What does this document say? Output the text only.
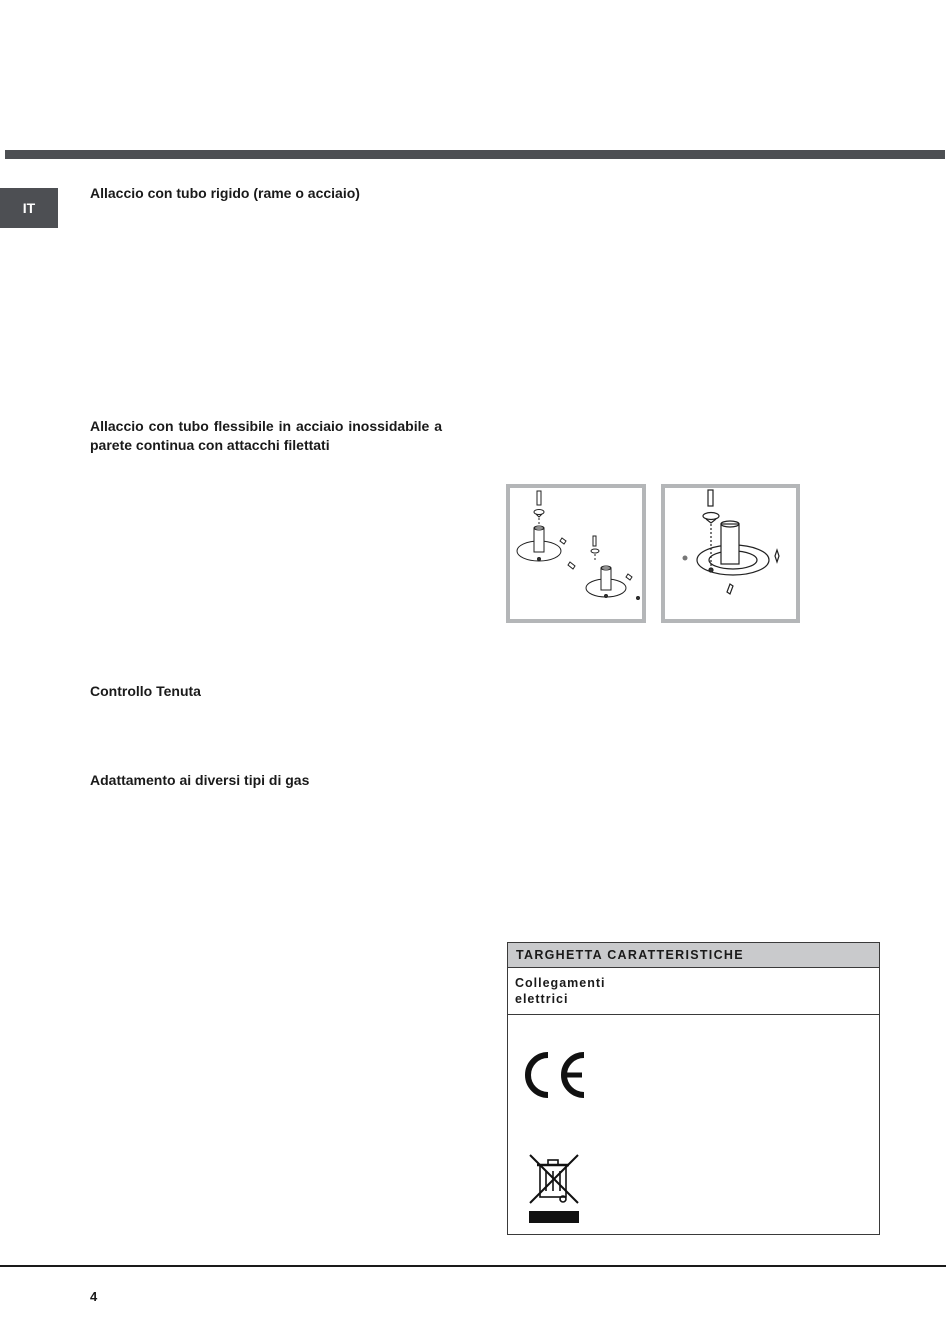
IT
Allaccio con tubo rigido (rame o acciaio)
Allaccio con tubo flessibile in acciaio inossidabile a parete continua con attacchi filettati
Controllo Tenuta
Adattamento ai diversi tipi di gas
TARGHETTA CARATTERISTICHE
Collegamenti
elettrici
4
